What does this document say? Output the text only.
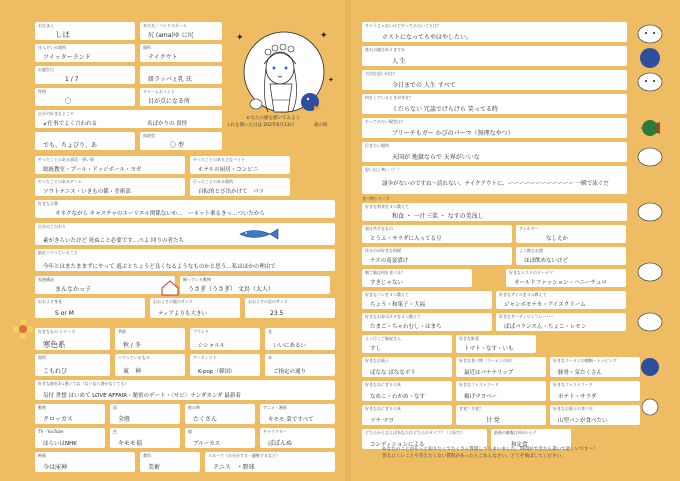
おなまえ
しほ
あだ名／ハンドルネーム
尻 (ama)ゆ に尻
住んでいる場所
ツイッターランド
場所
テイクウト
お誕生日
1 / 7	紐ラッパぇ乳 氏
性格
〇
チャームポイント
目が点になる所
自分の好きなところ
↙仕事でよく言われる	名ばかりの 貧怪
でも、ちょびり、あ
血液型
〇 型
✦	✦
✦
あなたの顔を描いてみよう
これを描いた日は 202年6月13日	歳の時
やったことのある部活・習い事
総統教室・プール・ドッジボール・ヨガ
やったことのある主なバイト
ホテルの厨房・コンビニ
やったことのあるゲーム
ソウトテニス・いきもの係・美術部
行ったことのある場所
自転的とび出かけて　パツ
好きな言葉
オネクながら キャスチャのエーリエル関係ないか…　ーネット乗るきっ…ついたから
自分のこだわり
素がきらいたけど 死ぬこと必要です…ペよ 回りの者たち
最近ハマっていること
今年とはまたままずにやって 遊ぶとちょうど良くなるようなものかと思う…私はほかの理由で
家族構成
まんなかっ子
飼っている動物
うさぎ（うさぎ） 文鳥（大人）
おおよそ身長
S or M
おおよその服のサイズ
ティアよりも大きい
おおよその足のサイズ
23.5
好きなもの シリーズ
寒色系
季節
秋 / 冬
ブランド
シシャルル
花
いいにあるい
場所
こもれび
ハマっているもの
東　神
アーティスト
K-pop（韓国）
本
ご指定の通り
好きな曲を3つ書いてね（ないなら書かなくても）
気付 世想 はいめて LOVE AFFAIR・秘密のデート・〈サビ〉ナンダカンダ 最新着
動物
クロッカス
国
全般
飲み物
たくさん
アニメ・漫画
キモモ 菜ですべて
TV・YouTube
ほらいはNHK
色
キモモ福
服
ブルーカス
キャラクター
ぽぽんぬ
映画
今は床神
教科
美術
スポーツ（自分がする・観戦するなど）
テニス　・野球
キャラじゃないけどやってみたいことは？
ホストになってちやほやしたい。
座右の銘はありますか
人 生
大切な思い出は？
今日までの 人生 すべて
何をしているときが幸せ？
くだらない 冗談でげらげら 笑ってる時
やってみたい髪型は？
ブリーチもガー かぴのパーマ（無理なやつ）
行きたい場所
天国が 地獄ならで 天界がいいな
思い出し笑い（？）
譲歩がないのですね〜読れない、テイクアウトに、ーーーーーーーーーーーー 一瞬で泳ぐだ
食べ物シリーズ
好きな和食を３つ教えて
和食 ・ 一汁三菜 ・ なすの美浅し
果汁苦手なもの
とうふ・サラダに入ってる豆
アレルギー
なしえか
作るのが好きな料理
ナスの南蛮漬け
よく飲むお酒
ほぼ飲めないけど
朝ご飯は何を食べる？
すきじゃない
好きなミスドのドーナツ
オールドファッション・ハニーチュロ
好きなパンを３つ教えて
ちょう・和菓子・大福
好きなアイスを３つ教えて
ジャンボモナカ・アイスクリーム
好きなお寿司ネタを３つ教えて
たまご・ちゃわむし・はまち
好きなサーティワンフレーバー
ぱぱバランスん・ちょこ・レモン
よく行くご飯屋さん
すし
好きな野菜
トマト・なす・いも
好きなお菓子
ばなな ばななボリ
好きな食べ物（ラーメンの具）
最近はバナナリップ
好きなラーメンの種類・トッピング
豚骨・気たくさん
好きなおにぎりの具
なめこ・わかめ・なす
好きなファストフード
揚げマヨベー
好きなファストフード
ポテト・サラダ
好きなお菓子の食べ方
山型パンが食べたい
好きなおにぎりの具
ツナ マヨ
甘党？辛党？
甘 党
どちらかと言えばあなたはどちらのタイプ？（２択で）
コンディションによる
最後の晩餐は何がいい？
和定食
あなたのことがもっと知りたくてたくさん質問してしまいました。時間ができたら書いて欲しいです〜！
答えにくいことや答えたくない質問があったらごめんなさい。どうぞ飛ばしてください。
